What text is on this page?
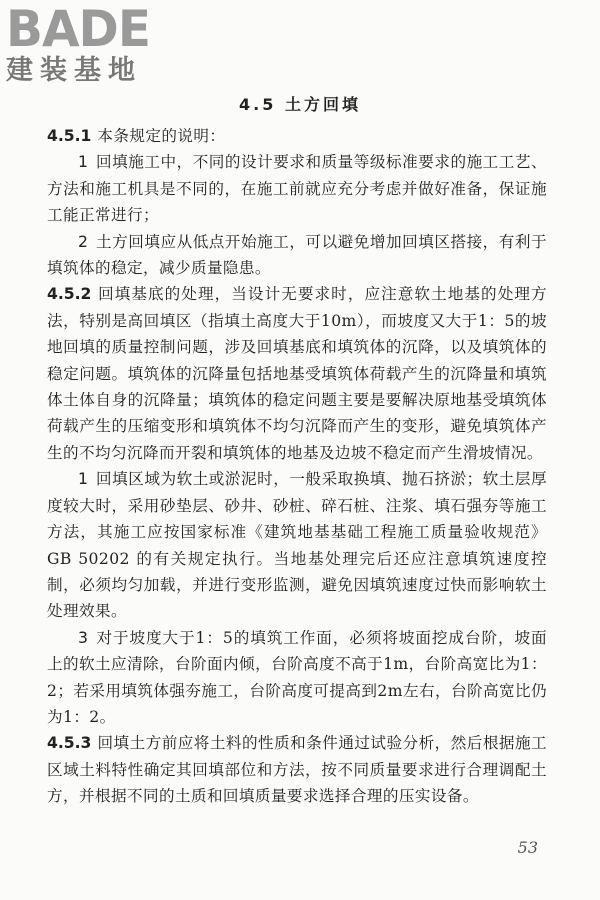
BADE
建装基地
4.5 土方回填

4.5.1 本条规定的说明：

1 回填施工中，不同的设计要求和质量等级标准要求的施工工艺、方法和施工机具是不同的，在施工前就应充分考虑并做好准备，保证施工能正常进行；

2 土方回填应从低点开始施工，可以避免增加回填区搭接，有利于填筑体的稳定，减少质量隐患。

4.5.2 回填基底的处理，当设计无要求时，应注意软土地基的处理方法，特别是高回填区（指填土高度大于10m），而坡度又大于1：5的坡地回填的质量控制问题，涉及回填基底和填筑体的沉降，以及填筑体的稳定问题。填筑体的沉降量包括地基受填筑体荷载产生的沉降量和填筑体土体自身的沉降量；填筑体的稳定问题主要是要解决原地基受填筑体荷载产生的压缩变形和填筑体不均匀沉降而产生的变形，避免填筑体产生的不均匀沉降而开裂和填筑体的地基及边坡不稳定而产生滑坡情况。

1 回填区域为软土或淤泥时，一般采取换填、抛石挤淤；软土层厚度较大时，采用砂垫层、砂井、砂桩、碎石桩、注浆、填石强夯等施工方法，其施工应按国家标准《建筑地基基础工程施工质量验收规范》GB 50202 的有关规定执行。当地基处理完后还应注意填筑速度控制，必须均匀加载，并进行变形监测，避免因填筑速度过快而影响软土处理效果。

3 对于坡度大于1：5的填筑工作面，必须将坡面挖成台阶，坡面上的软土应清除，台阶面内倾，台阶高度不高于1m，台阶高宽比为1：2；若采用填筑体强夯施工，台阶高度可提高到2m左右，台阶高宽比仍为1：2。

4.5.3 回填土方前应将土料的性质和条件通过试验分析，然后根据施工区域土料特性确定其回填部位和方法，按不同质量要求进行合理调配土方，并根据不同的土质和回填质量要求选择合理的压实设备。

53
